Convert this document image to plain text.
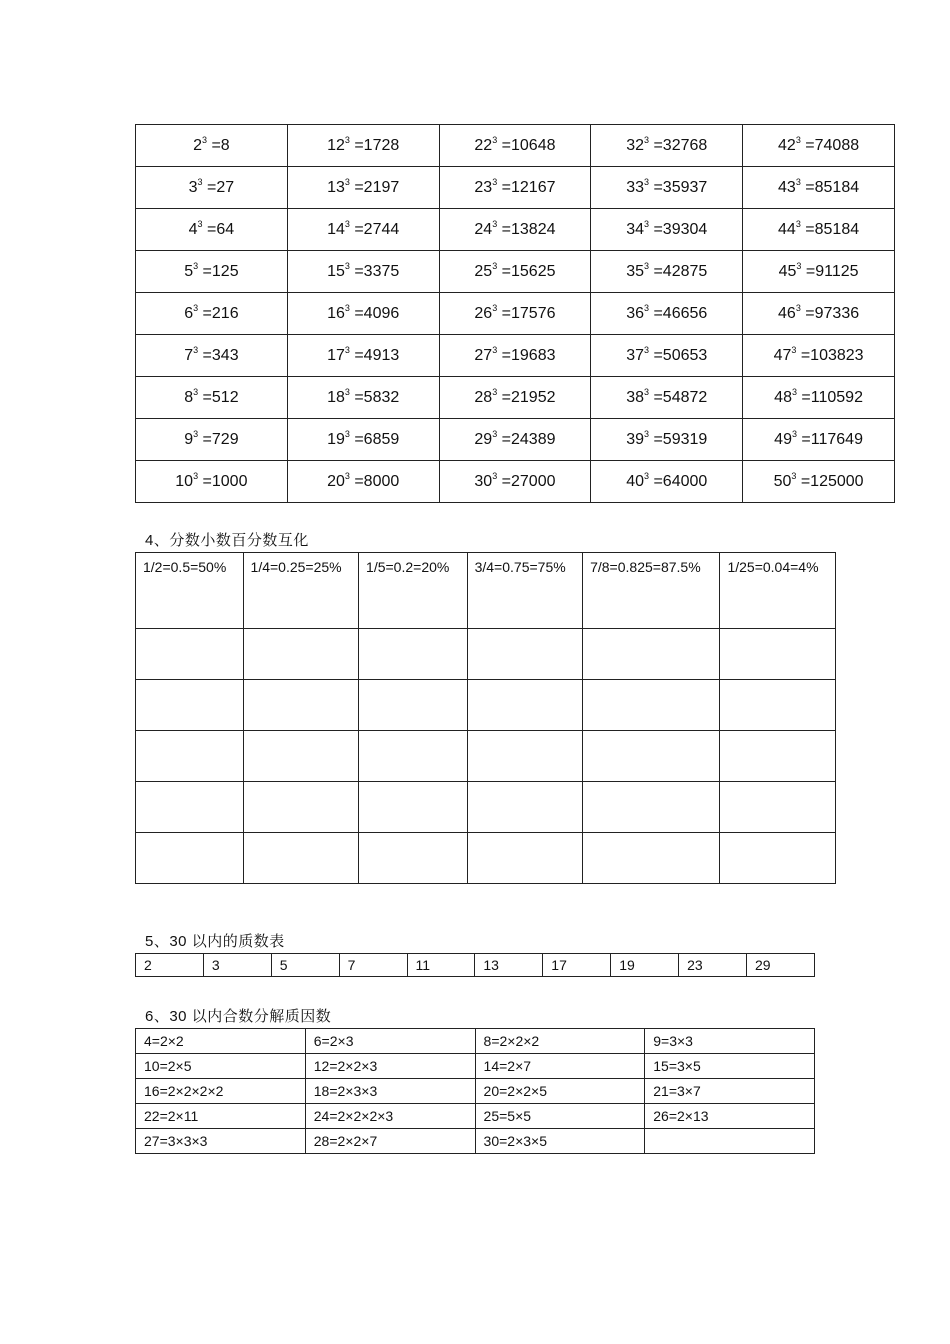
$2^3 =8$	$12^3 =1728$	$22^3 =10648$	$32^3 =32768$	$42^3 =74088$
$3^3 =27$	$13^3 =2197$	$23^3 =12167$	$33^3 =35937$	$43^3 =85184$
$4^3 =64$	$14^3 =2744$	$24^3 =13824$	$34^3 =39304$	$44^3 =85184$
$5^3 =125$	$15^3 =3375$	$25^3 =15625$	$35^3 =42875$	$45^3 =91125$
$6^3 =216$	$16^3 =4096$	$26^3 =17576$	$36^3 =46656$	$46^3 =97336$
$7^3 =343$	$17^3 =4913$	$27^3 =19683$	$37^3 =50653$	$47^3 =103823$
$8^3 =512$	$18^3 =5832$	$28^3 =21952$	$38^3 =54872$	$48^3 =110592$
$9^3 =729$	$19^3 =6859$	$29^3 =24389$	$39^3 =59319$	$49^3 =117649$
$10^3 =1000$	$20^3 =8000$	$30^3 =27000$	$40^3 =64000$	$50^3 =125000$
4、分数小数百分数互化
1/2=0.5=50%	1/4=0.25=25%	1/5=0.2=20%	3/4=0.75=75%	7/8=0.825=87.5%	1/25=0.04=4%

5、30 以内的质数表
2	3	5	7	11	13	17	19	23	29
6、30 以内合数分解质因数
4=2×2	6=2×3	8=2×2×2	9=3×3
10=2×5	12=2×2×3	14=2×7	15=3×5
16=2×2×2×2	18=2×3×3	20=2×2×5	21=3×7
22=2×11	24=2×2×2×3	25=5×5	26=2×13
27=3×3×3	28=2×2×7	30=2×3×5	
